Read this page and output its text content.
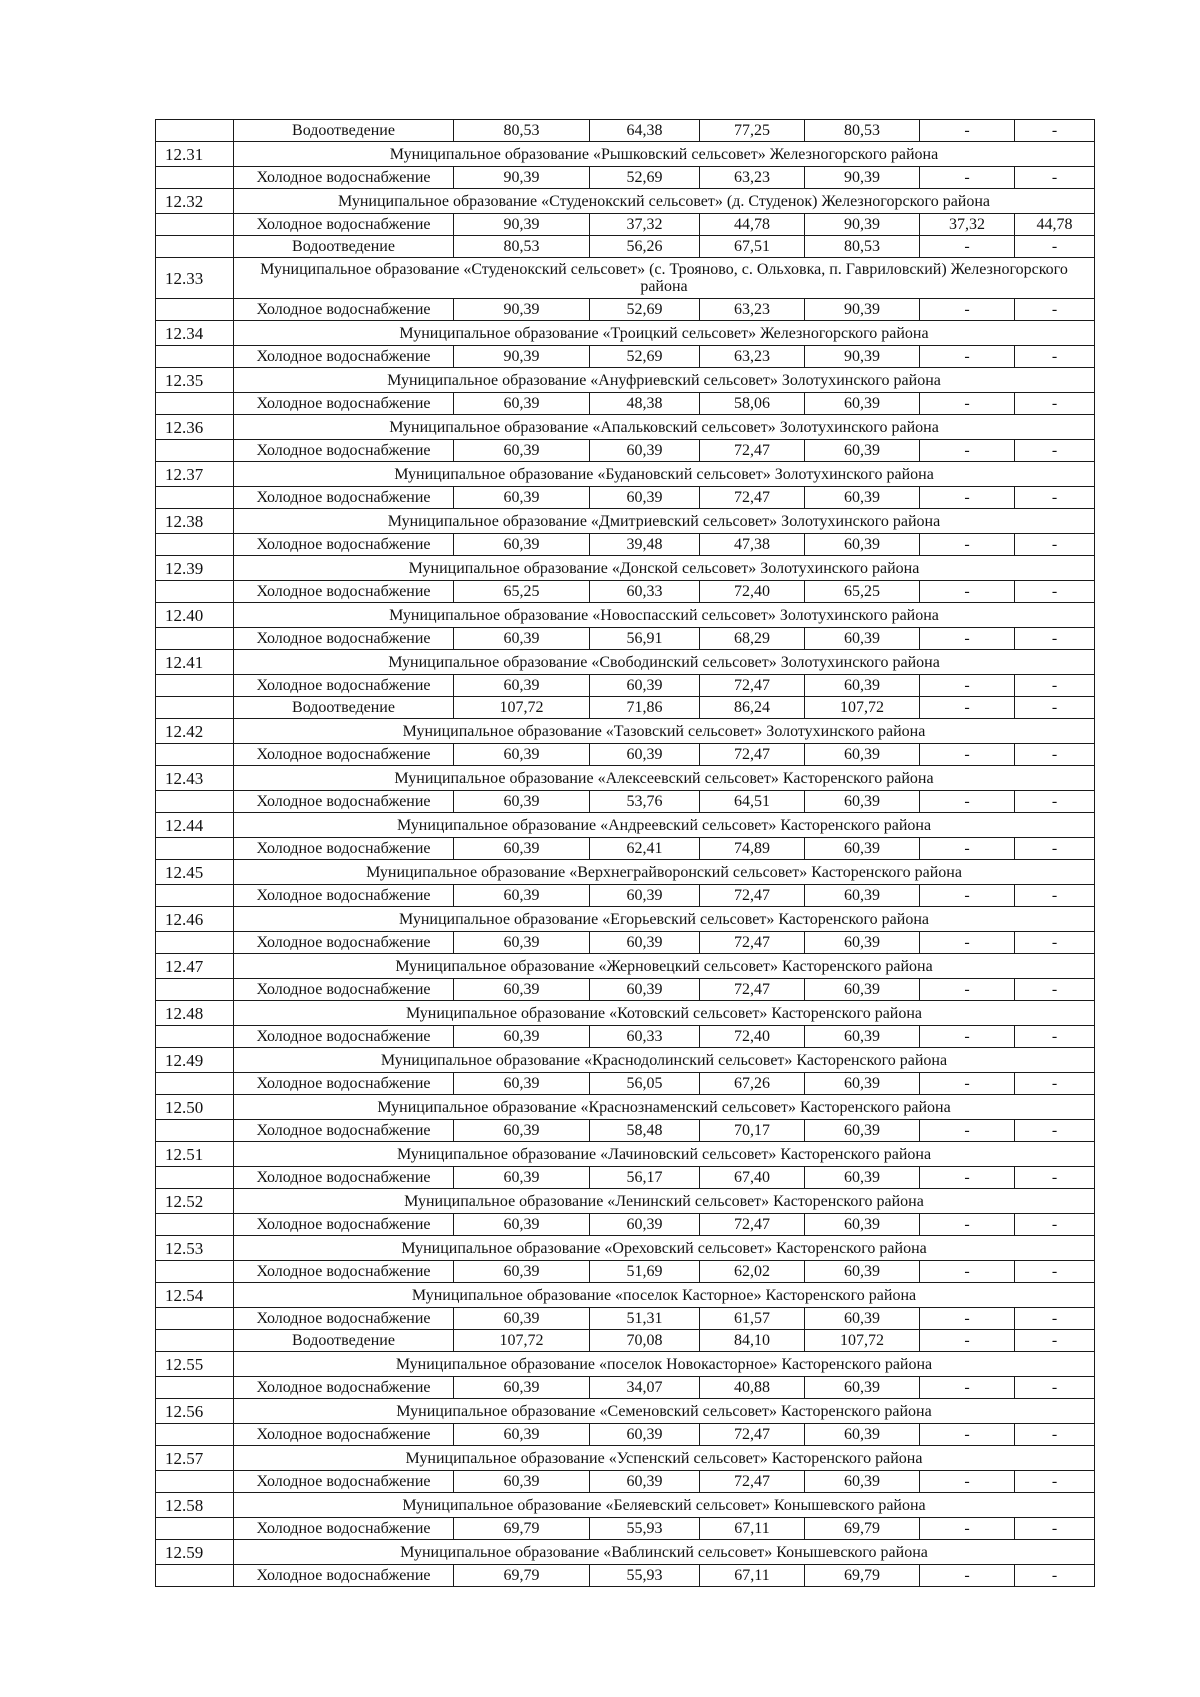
	Водоотведение	80,53	64,38	77,25	80,53	-	-
12.31	Муниципальное образование «Рышковский сельсовет» Железногорского района						
	Холодное водоснабжение	90,39	52,69	63,23	90,39	-	-
12.32	Муниципальное образование «Студенокский сельсовет» (д. Студенок) Железногорского района						
	Холодное водоснабжение	90,39	37,32	44,78	90,39	37,32	44,78
	Водоотведение	80,53	56,26	67,51	80,53	-	-
12.33	Муниципальное образование «Студенокский сельсовет» (с. Трояново, с. Ольховка, п. Гавриловский) Железногорского района						
	Холодное водоснабжение	90,39	52,69	63,23	90,39	-	-
12.34	Муниципальное образование «Троицкий сельсовет» Железногорского района						
	Холодное водоснабжение	90,39	52,69	63,23	90,39	-	-
12.35	Муниципальное образование «Ануфриевский сельсовет» Золотухинского района						
	Холодное водоснабжение	60,39	48,38	58,06	60,39	-	-
12.36	Муниципальное образование «Апальковский сельсовет» Золотухинского района						
	Холодное водоснабжение	60,39	60,39	72,47	60,39	-	-
12.37	Муниципальное образование «Будановский сельсовет» Золотухинского района						
	Холодное водоснабжение	60,39	60,39	72,47	60,39	-	-
12.38	Муниципальное образование «Дмитриевский сельсовет» Золотухинского района						
	Холодное водоснабжение	60,39	39,48	47,38	60,39	-	-
12.39	Муниципальное образование «Донской сельсовет» Золотухинского района						
	Холодное водоснабжение	65,25	60,33	72,40	65,25	-	-
12.40	Муниципальное образование «Новоспасский сельсовет» Золотухинского района						
	Холодное водоснабжение	60,39	56,91	68,29	60,39	-	-
12.41	Муниципальное образование «Свободинский сельсовет» Золотухинского района						
	Холодное водоснабжение	60,39	60,39	72,47	60,39	-	-
	Водоотведение	107,72	71,86	86,24	107,72	-	-
12.42	Муниципальное образование «Тазовский сельсовет» Золотухинского района						
	Холодное водоснабжение	60,39	60,39	72,47	60,39	-	-
12.43	Муниципальное образование «Алексеевский сельсовет» Касторенского района						
	Холодное водоснабжение	60,39	53,76	64,51	60,39	-	-
12.44	Муниципальное образование «Андреевский сельсовет» Касторенского района						
	Холодное водоснабжение	60,39	62,41	74,89	60,39	-	-
12.45	Муниципальное образование «Верхнеграйворонский сельсовет» Касторенского района						
	Холодное водоснабжение	60,39	60,39	72,47	60,39	-	-
12.46	Муниципальное образование «Егорьевский сельсовет» Касторенского района						
	Холодное водоснабжение	60,39	60,39	72,47	60,39	-	-
12.47	Муниципальное образование «Жерновецкий сельсовет» Касторенского района						
	Холодное водоснабжение	60,39	60,39	72,47	60,39	-	-
12.48	Муниципальное образование «Котовский сельсовет» Касторенского района						
	Холодное водоснабжение	60,39	60,33	72,40	60,39	-	-
12.49	Муниципальное образование «Краснодолинский сельсовет» Касторенского района						
	Холодное водоснабжение	60,39	56,05	67,26	60,39	-	-
12.50	Муниципальное образование «Краснознаменский сельсовет» Касторенского района						
	Холодное водоснабжение	60,39	58,48	70,17	60,39	-	-
12.51	Муниципальное образование «Лачиновский сельсовет» Касторенского района						
	Холодное водоснабжение	60,39	56,17	67,40	60,39	-	-
12.52	Муниципальное образование «Ленинский сельсовет» Касторенского района						
	Холодное водоснабжение	60,39	60,39	72,47	60,39	-	-
12.53	Муниципальное образование «Ореховский сельсовет» Касторенского района						
	Холодное водоснабжение	60,39	51,69	62,02	60,39	-	-
12.54	Муниципальное образование «поселок Касторное» Касторенского района						
	Холодное водоснабжение	60,39	51,31	61,57	60,39	-	-
	Водоотведение	107,72	70,08	84,10	107,72	-	-
12.55	Муниципальное образование «поселок Новокасторное» Касторенского района						
	Холодное водоснабжение	60,39	34,07	40,88	60,39	-	-
12.56	Муниципальное образование «Семеновский сельсовет» Касторенского района						
	Холодное водоснабжение	60,39	60,39	72,47	60,39	-	-
12.57	Муниципальное образование «Успенский сельсовет» Касторенского района						
	Холодное водоснабжение	60,39	60,39	72,47	60,39	-	-
12.58	Муниципальное образование «Беляевский сельсовет» Конышевского района						
	Холодное водоснабжение	69,79	55,93	67,11	69,79	-	-
12.59	Муниципальное образование «Ваблинский сельсовет» Конышевского района						
	Холодное водоснабжение	69,79	55,93	67,11	69,79	-	-
